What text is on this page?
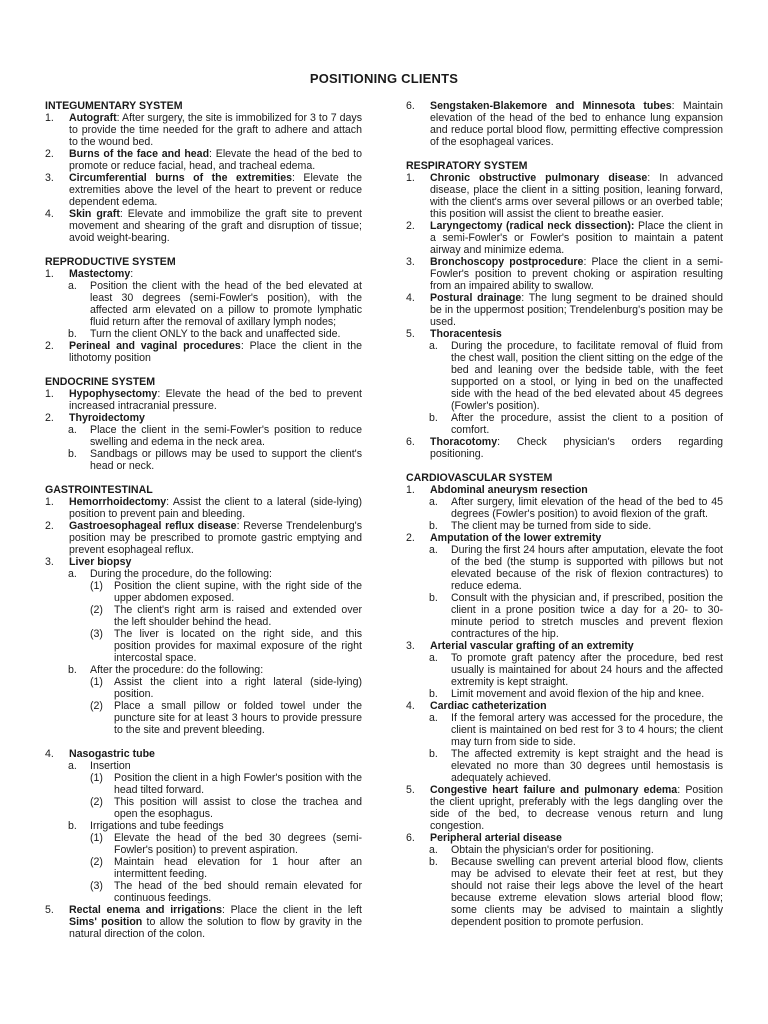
POSITIONING CLIENTS
INTEGUMENTARY SYSTEM
1. Autograft: After surgery, the site is immobilized for 3 to 7 days to provide the time needed for the graft to adhere and attach to the wound bed.
2. Burns of the face and head: Elevate the head of the bed to promote or reduce facial, head, and tracheal edema.
3. Circumferential burns of the extremities: Elevate the extremities above the level of the heart to prevent or reduce dependent edema.
4. Skin graft: Elevate and immobilize the graft site to prevent movement and shearing of the graft and disruption of tissue; avoid weight-bearing.
REPRODUCTIVE SYSTEM
1. Mastectomy:
a. Position the client with the head of the bed elevated at least 30 degrees (semi-Fowler's position), with the affected arm elevated on a pillow to promote lymphatic fluid return after the removal of axillary lymph nodes;
b. Turn the client ONLY to the back and unaffected side.
2. Perineal and vaginal procedures: Place the client in the lithotomy position
ENDOCRINE SYSTEM
1. Hypophysectomy: Elevate the head of the bed to prevent increased intracranial pressure.
2. Thyroidectomy
a. Place the client in the semi-Fowler's position to reduce swelling and edema in the neck area.
b. Sandbags or pillows may be used to support the client's head or neck.
GASTROINTESTINAL
1. Hemorrhoidectomy: Assist the client to a lateral (side-lying) position to prevent pain and bleeding.
2. Gastroesophageal reflux disease: Reverse Trendelenburg's position may be prescribed to promote gastric emptying and prevent esophageal reflux.
3. Liver biopsy
a. During the procedure, do the following:
(1) Position the client supine, with the right side of the upper abdomen exposed.
(2) The client's right arm is raised and extended over the left shoulder behind the head.
(3) The liver is located on the right side, and this position provides for maximal exposure of the right intercostal space.
b. After the procedure: do the following:
(1) Assist the client into a right lateral (side-lying) position.
(2) Place a small pillow or folded towel under the puncture site for at least 3 hours to provide pressure to the site and prevent bleeding.
4. Nasogastric tube
a. Insertion
(1) Position the client in a high Fowler's position with the head tilted forward.
(2) This position will assist to close the trachea and open the esophagus.
b. Irrigations and tube feedings
(1) Elevate the head of the bed 30 degrees (semi-Fowler's position) to prevent aspiration.
(2) Maintain head elevation for 1 hour after an intermittent feeding.
(3) The head of the bed should remain elevated for continuous feedings.
5. Rectal enema and irrigations: Place the client in the left Sims' position to allow the solution to flow by gravity in the natural direction of the colon.
6. Sengstaken-Blakemore and Minnesota tubes: Maintain elevation of the head of the bed to enhance lung expansion and reduce portal blood flow, permitting effective compression of the esophageal varices.
RESPIRATORY SYSTEM
1. Chronic obstructive pulmonary disease: In advanced disease, place the client in a sitting position, leaning forward, with the client's arms over several pillows or an overbed table; this position will assist the client to breathe easier.
2. Laryngectomy (radical neck dissection): Place the client in a semi-Fowler's or Fowler's position to maintain a patent airway and minimize edema.
3. Bronchoscopy postprocedure: Place the client in a semi-Fowler's position to prevent choking or aspiration resulting from an impaired ability to swallow.
4. Postural drainage: The lung segment to be drained should be in the uppermost position; Trendelenburg's position may be used.
5. Thoracentesis
a. During the procedure, to facilitate removal of fluid from the chest wall, position the client sitting on the edge of the bed and leaning over the bedside table, with the feet supported on a stool, or lying in bed on the unaffected side with the head of the bed elevated about 45 degrees (Fowler's position).
b. After the procedure, assist the client to a position of comfort.
6. Thoracotomy: Check physician's orders regarding positioning.
CARDIOVASCULAR SYSTEM
1. Abdominal aneurysm resection
a. After surgery, limit elevation of the head of the bed to 45 degrees (Fowler's position) to avoid flexion of the graft.
b. The client may be turned from side to side.
2. Amputation of the lower extremity
a. During the first 24 hours after amputation, elevate the foot of the bed (the stump is supported with pillows but not elevated because of the risk of flexion contractures) to reduce edema.
b. Consult with the physician and, if prescribed, position the client in a prone position twice a day for a 20- to 30-minute period to stretch muscles and prevent flexion contractures of the hip.
3. Arterial vascular grafting of an extremity
a. To promote graft patency after the procedure, bed rest usually is maintained for about 24 hours and the affected extremity is kept straight.
b. Limit movement and avoid flexion of the hip and knee.
4. Cardiac catheterization
a. If the femoral artery was accessed for the procedure, the client is maintained on bed rest for 3 to 4 hours; the client may turn from side to side.
b. The affected extremity is kept straight and the head is elevated no more than 30 degrees until hemostasis is adequately achieved.
5. Congestive heart failure and pulmonary edema: Position the client upright, preferably with the legs dangling over the side of the bed, to decrease venous return and lung congestion.
6. Peripheral arterial disease
a. Obtain the physician's order for positioning.
b. Because swelling can prevent arterial blood flow, clients may be advised to elevate their feet at rest, but they should not raise their legs above the level of the heart because extreme elevation slows arterial blood flow; some clients may be advised to maintain a slightly dependent position to promote perfusion.
